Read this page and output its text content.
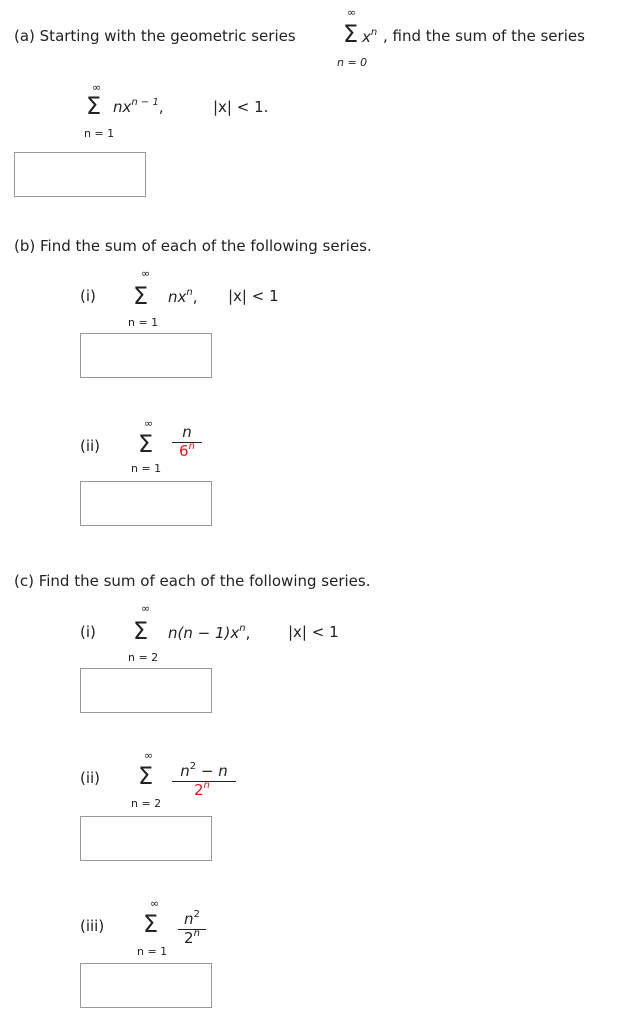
(a) Starting with the geometric series
∞
Σ
n = 0
$x^n$ , find the sum of the series
∞
Σ
n = 1
$nx^{n - 1}$,	|x| < 1.
(b) Find the sum of each of the following series.
(i)
∞
Σ
n = 1
$nx^n$, |x| < 1
(ii)
∞
Σ
n = 1
$\frac{n}{6^n}$
(c) Find the sum of each of the following series.
(i)
∞
Σ
n = 2
$n(n - 1)x^n$,	|x| < 1
(ii)
∞
Σ
n = 2
$\frac{n^2 - n}{2^n}$
(iii)
∞
Σ
n = 1
$\frac{n^2}{2^n}$
